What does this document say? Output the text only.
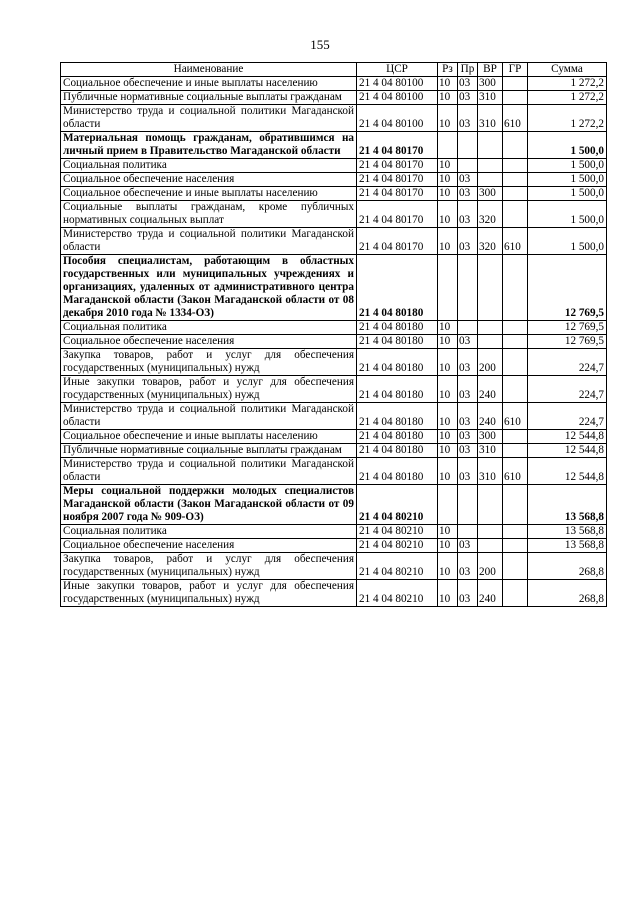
155
Наименование	ЦСР	Рз	Пр	ВР	ГР	Сумма
Социальное обеспечение и иные выплаты населению	21 4 04 80100	10	03	300		1 272,2
Публичные нормативные социальные выплаты гражданам	21 4 04 80100	10	03	310		1 272,2
Министерство труда и социальной политики Магаданской области	21 4 04 80100	10	03	310	610	1 272,2
Материальная помощь гражданам, обратившимся на личный прием в Правительство Магаданской области	21 4 04 80170					1 500,0
Социальная политика	21 4 04 80170	10				1 500,0
Социальное обеспечение населения	21 4 04 80170	10	03			1 500,0
Социальное обеспечение и иные выплаты населению	21 4 04 80170	10	03	300		1 500,0
Социальные выплаты гражданам, кроме публичных нормативных социальных выплат	21 4 04 80170	10	03	320		1 500,0
Министерство труда и социальной политики Магаданской области	21 4 04 80170	10	03	320	610	1 500,0
Пособия специалистам, работающим в областных государственных или муниципальных учреждениях и организациях, удаленных от административного центра Магаданской области (Закон Магаданской области от 08 декабря 2010 года № 1334-ОЗ)	21 4 04 80180					12 769,5
Социальная политика	21 4 04 80180	10				12 769,5
Социальное обеспечение населения	21 4 04 80180	10	03			12 769,5
Закупка товаров, работ и услуг для обеспечения государственных (муниципальных) нужд	21 4 04 80180	10	03	200		224,7
Иные закупки товаров, работ и услуг для обеспечения государственных (муниципальных) нужд	21 4 04 80180	10	03	240		224,7
Министерство труда и социальной политики Магаданской области	21 4 04 80180	10	03	240	610	224,7
Социальное обеспечение и иные выплаты населению	21 4 04 80180	10	03	300		12 544,8
Публичные нормативные социальные выплаты гражданам	21 4 04 80180	10	03	310		12 544,8
Министерство труда и социальной политики Магаданской области	21 4 04 80180	10	03	310	610	12 544,8
Меры социальной поддержки молодых специалистов Магаданской области (Закон Магаданской области от 09 ноября 2007 года № 909-ОЗ)	21 4 04 80210					13 568,8
Социальная политика	21 4 04 80210	10				13 568,8
Социальное обеспечение населения	21 4 04 80210	10	03			13 568,8
Закупка товаров, работ и услуг для обеспечения государственных (муниципальных) нужд	21 4 04 80210	10	03	200		268,8
Иные закупки товаров, работ и услуг для обеспечения государственных (муниципальных) нужд	21 4 04 80210	10	03	240		268,8
